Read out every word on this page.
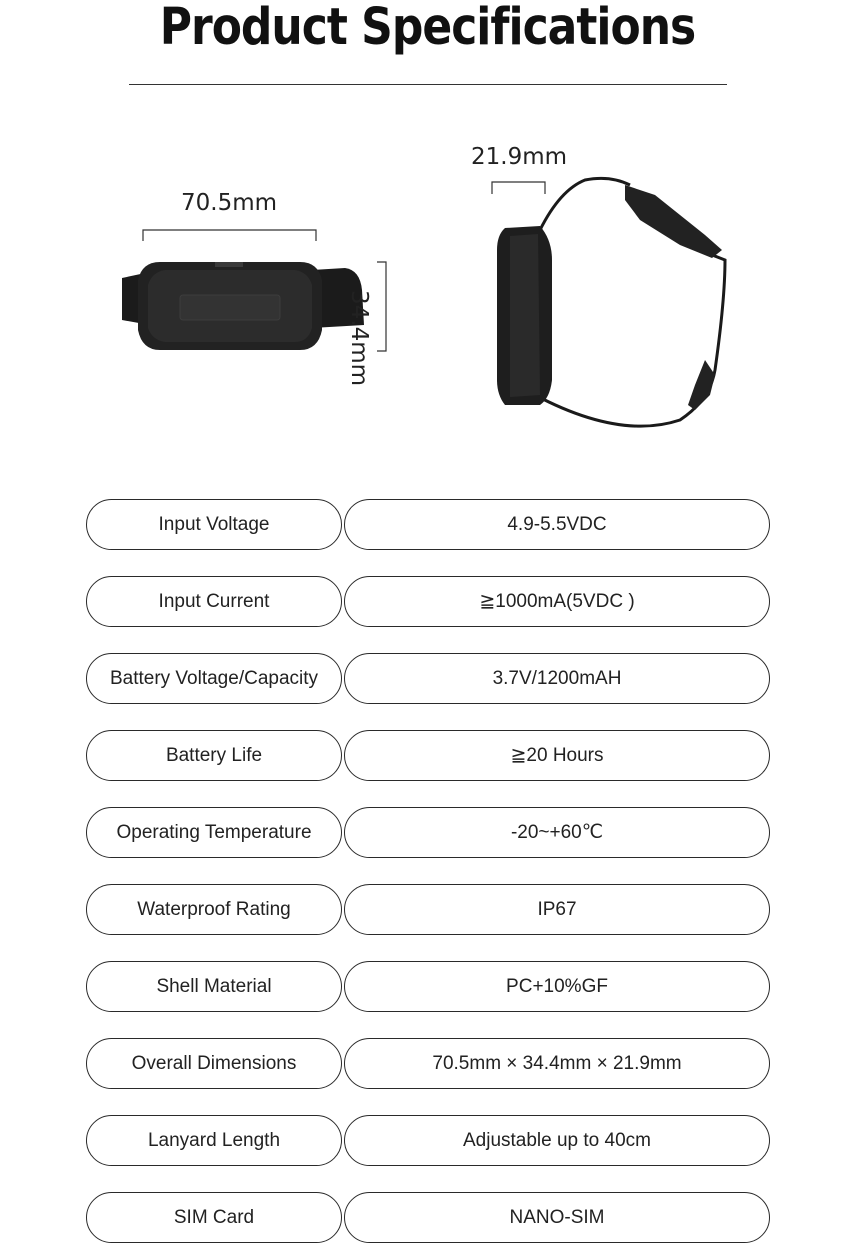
Product Specifications
70.5mm
21.9mm
34.4mm
Input Voltage	4.9-5.5VDC
Input Current	≧1000mA(5VDC )
Battery Voltage/Capacity	3.7V/1200mAH
Battery Life	≧20 Hours
Operating Temperature	-20~+60℃
Waterproof Rating	IP67
Shell Material	PC+10%GF
Overall Dimensions	70.5mm × 34.4mm × 21.9mm
Lanyard Length	Adjustable up to 40cm
SIM Card	NANO-SIM
